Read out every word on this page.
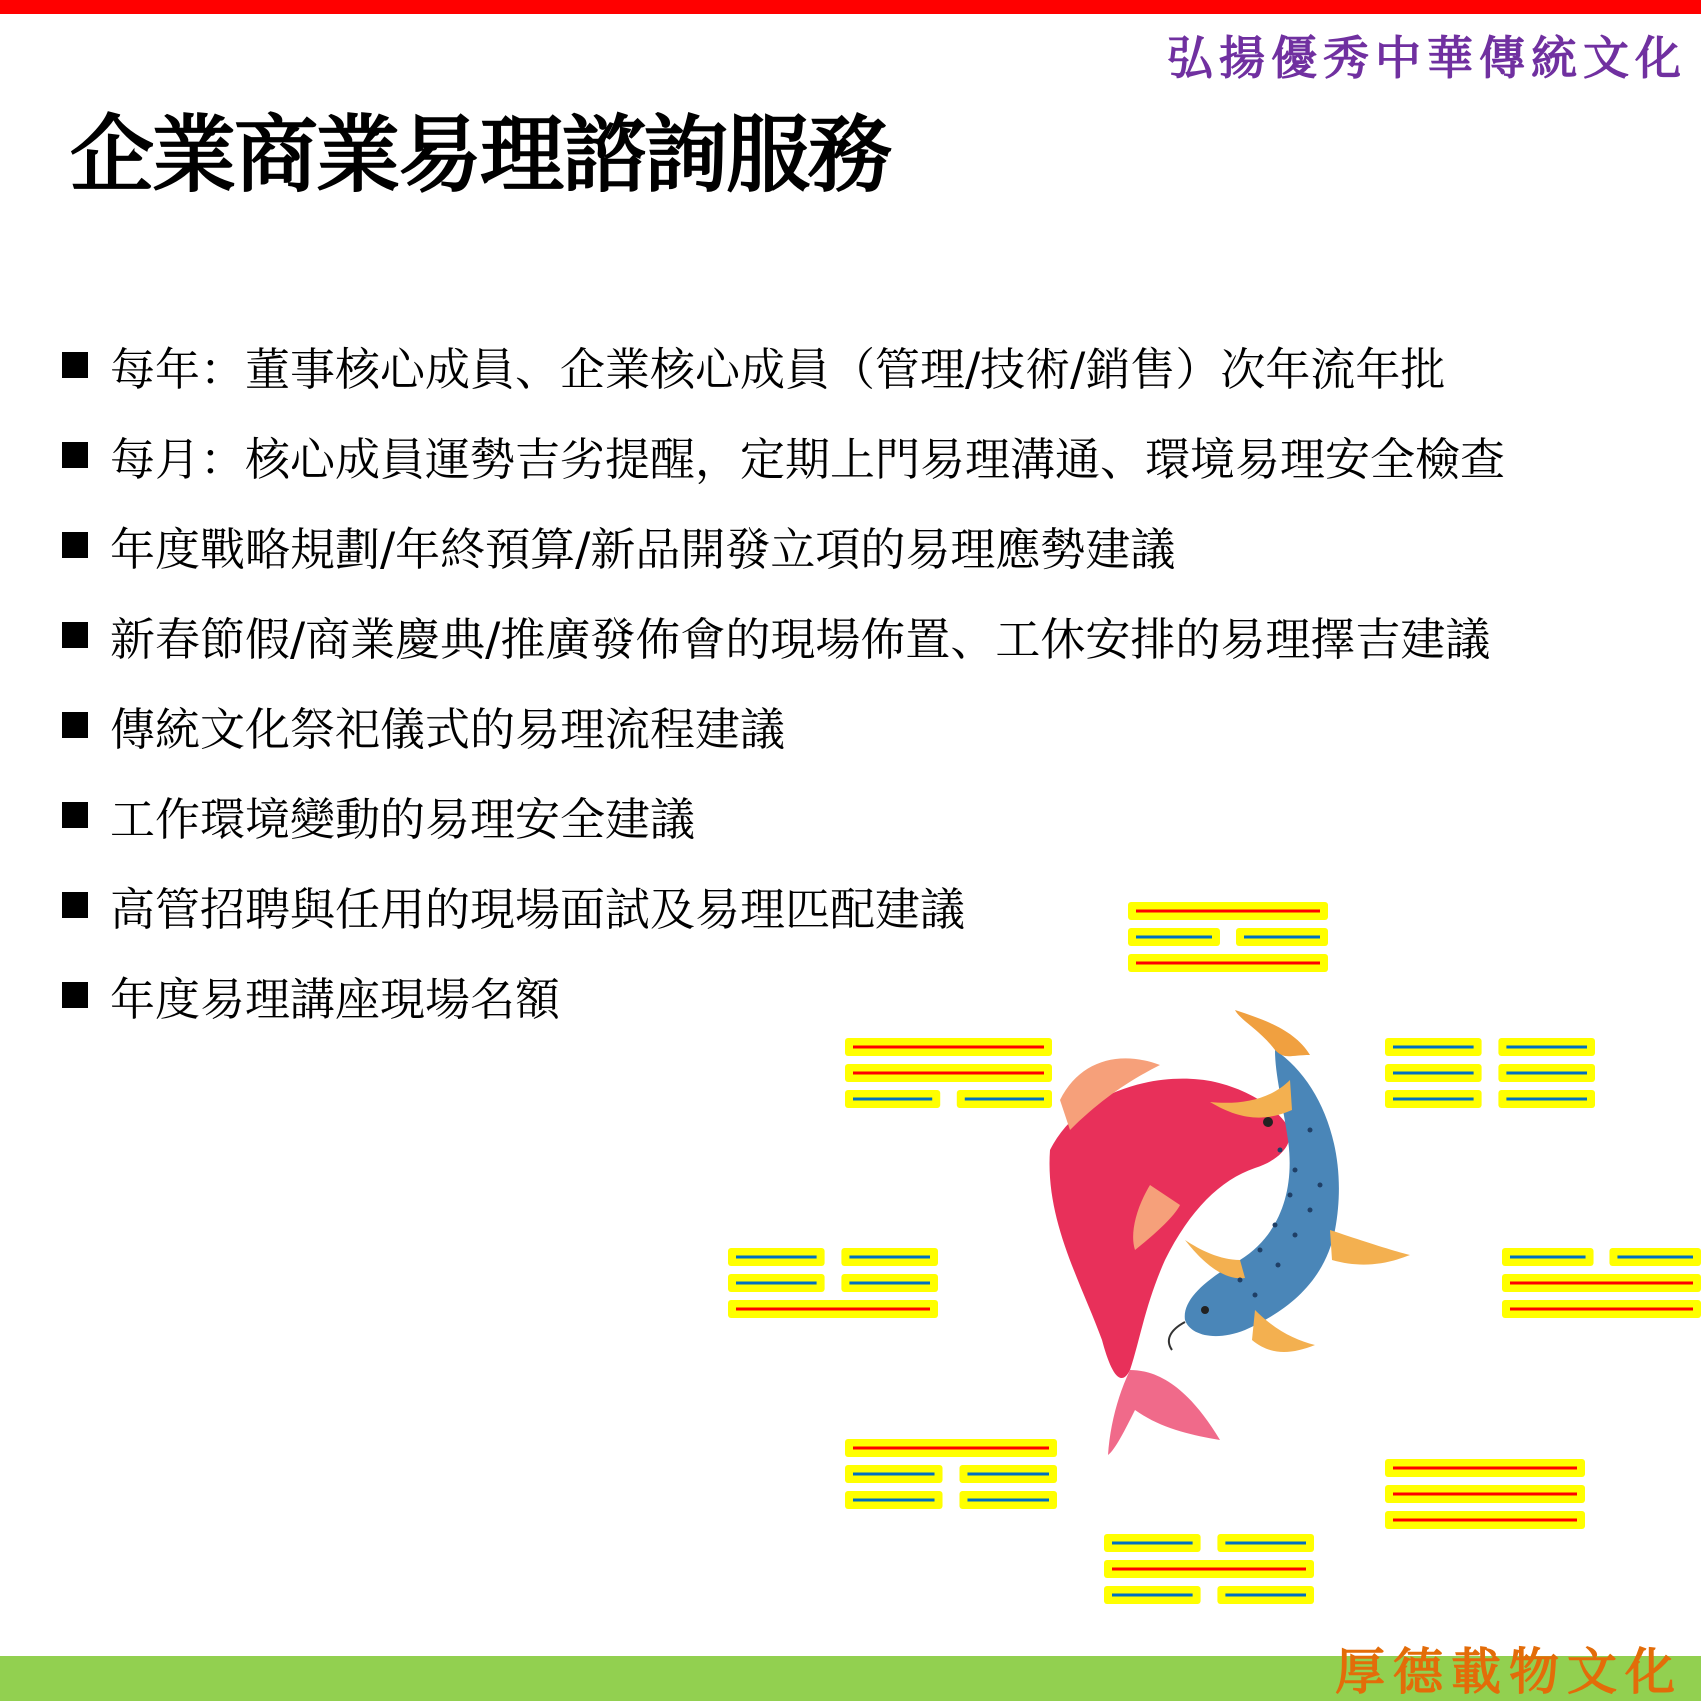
弘揚優秀中華傳統文化
企業商業易理諮詢服務
每年：董事核心成員、企業核心成員（管理/技術/銷售）次年流年批
每月：核心成員運勢吉劣提醒，定期上門易理溝通、環境易理安全檢查
年度戰略規劃/年終預算/新品開發立項的易理應勢建議
新春節假/商業慶典/推廣發佈會的現場佈置、工休安排的易理擇吉建議
傳統文化祭祀儀式的易理流程建議
工作環境變動的易理安全建議
高管招聘與任用的現場面試及易理匹配建議
年度易理講座現場名額
厚德載物文化
